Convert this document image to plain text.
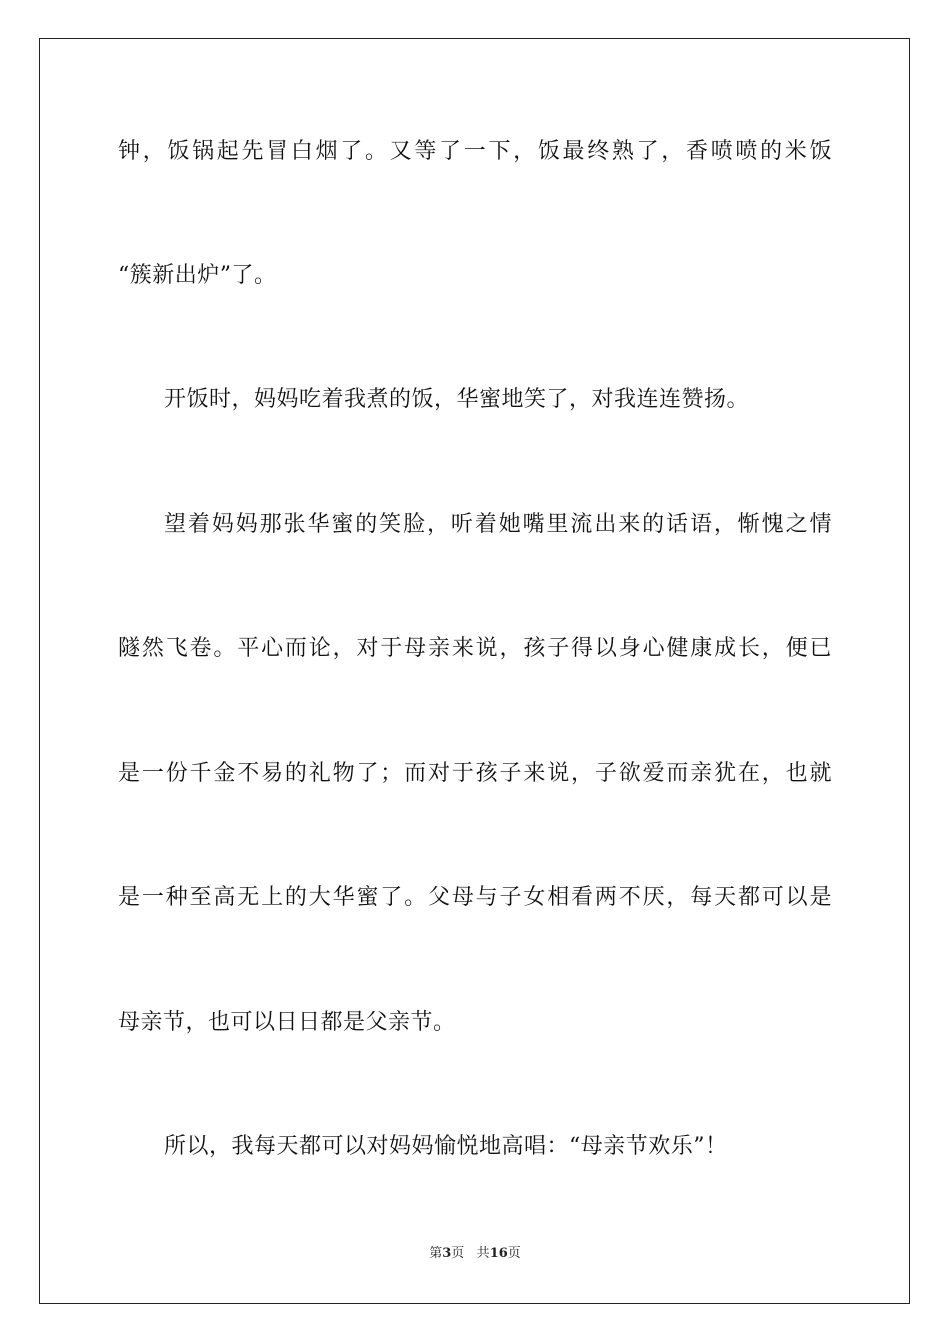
钟，饭锅起先冒白烟了。又等了一下，饭最终熟了，香喷喷的米饭
“簇新出炉”了。
开饭时，妈妈吃着我煮的饭，华蜜地笑了，对我连连赞扬。
望着妈妈那张华蜜的笑脸，听着她嘴里流出来的话语，惭愧之情
隧然飞卷。平心而论，对于母亲来说，孩子得以身心健康成长，便已
是一份千金不易的礼物了；而对于孩子来说，子欲爱而亲犹在，也就
是一种至高无上的大华蜜了。父母与子女相看两不厌，每天都可以是
母亲节，也可以日日都是父亲节。
所以，我每天都可以对妈妈愉悦地高唱：“母亲节欢乐”！
第3页 共16页
